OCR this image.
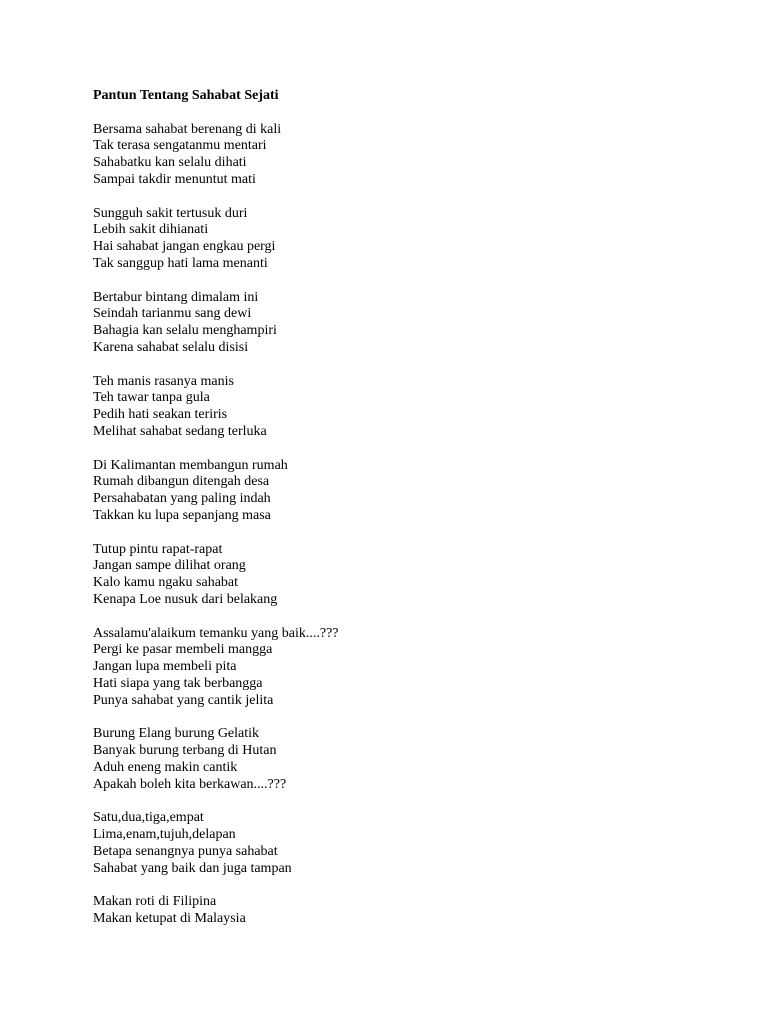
Pantun Tentang Sahabat Sejati
Bersama sahabat berenang di kali
Tak terasa sengatanmu mentari
Sahabatku kan selalu dihati
Sampai takdir menuntut mati
Sungguh sakit tertusuk duri
Lebih sakit dihianati
Hai sahabat jangan engkau pergi
Tak sanggup hati lama menanti
Bertabur bintang dimalam ini
Seindah tarianmu sang dewi
Bahagia kan selalu menghampiri
Karena sahabat selalu disisi
Teh manis rasanya manis
Teh tawar tanpa gula
Pedih hati seakan teriris
Melihat sahabat sedang terluka
Di Kalimantan membangun rumah
Rumah dibangun ditengah desa
Persahabatan yang paling indah
Takkan ku lupa sepanjang masa
Tutup pintu rapat-rapat
Jangan sampe dilihat orang
Kalo kamu ngaku sahabat
Kenapa Loe nusuk dari belakang
Assalamu'alaikum temanku yang baik....???
Pergi ke pasar membeli mangga
Jangan lupa membeli pita
Hati siapa yang tak berbangga
Punya sahabat yang cantik jelita
Burung Elang burung Gelatik
Banyak burung terbang di Hutan
Aduh eneng makin cantik
Apakah boleh kita berkawan....???
Satu,dua,tiga,empat
Lima,enam,tujuh,delapan
Betapa senangnya punya sahabat
Sahabat yang baik dan juga tampan
Makan roti di Filipina
Makan ketupat di Malaysia
